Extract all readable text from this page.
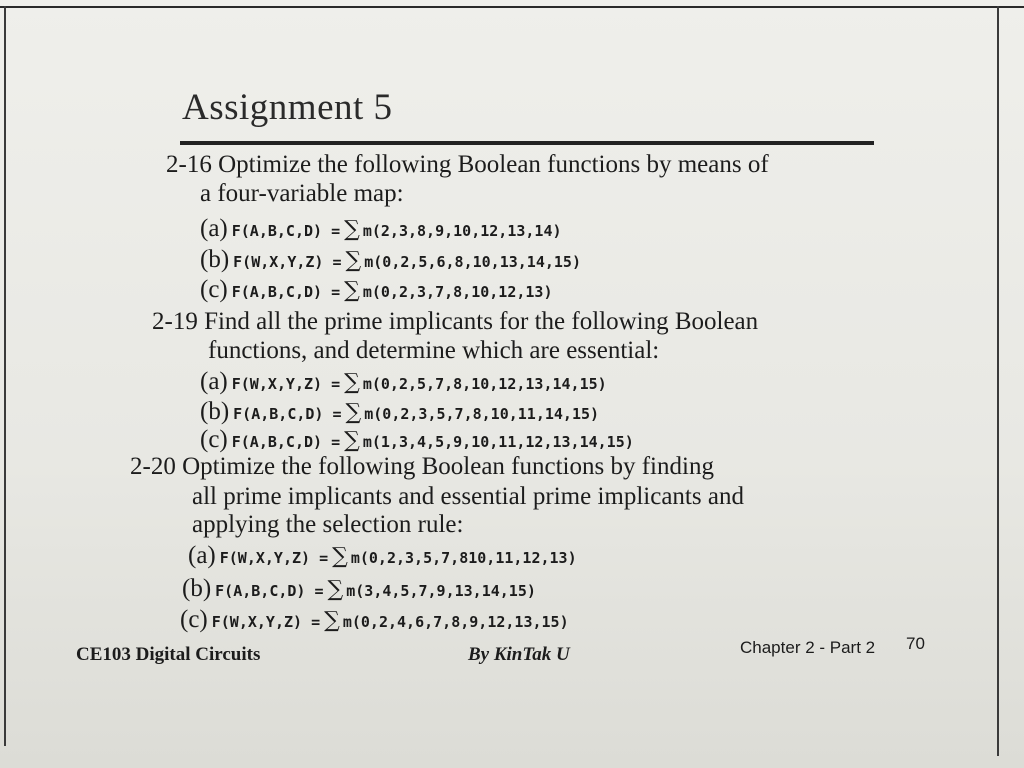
Assignment 5
2-16 Optimize the following Boolean functions by means of
a four-variable map:
(a) F(A,B,C,D) = ∑ m(2,3,8,9,10,12,13,14)
(b) F(W,X,Y,Z) = ∑ m(0,2,5,6,8,10,13,14,15)
(c) F(A,B,C,D) = ∑ m(0,2,3,7,8,10,12,13)
2-19 Find all the prime implicants for the following Boolean
functions, and determine which are essential:
(a) F(W,X,Y,Z) = ∑ m(0,2,5,7,8,10,12,13,14,15)
(b) F(A,B,C,D) = ∑ m(0,2,3,5,7,8,10,11,14,15)
(c) F(A,B,C,D) = ∑ m(1,3,4,5,9,10,11,12,13,14,15)
2-20 Optimize the following Boolean functions by finding
all prime implicants and essential prime implicants and
applying the selection rule:
(a) F(W,X,Y,Z) = ∑ m(0,2,3,5,7,810,11,12,13)
(b) F(A,B,C,D) = ∑ m(3,4,5,7,9,13,14,15)
(c) F(W,X,Y,Z) = ∑ m(0,2,4,6,7,8,9,12,13,15)
CE103 Digital Circuits	By KinTak U	Chapter 2 - Part 2 70
